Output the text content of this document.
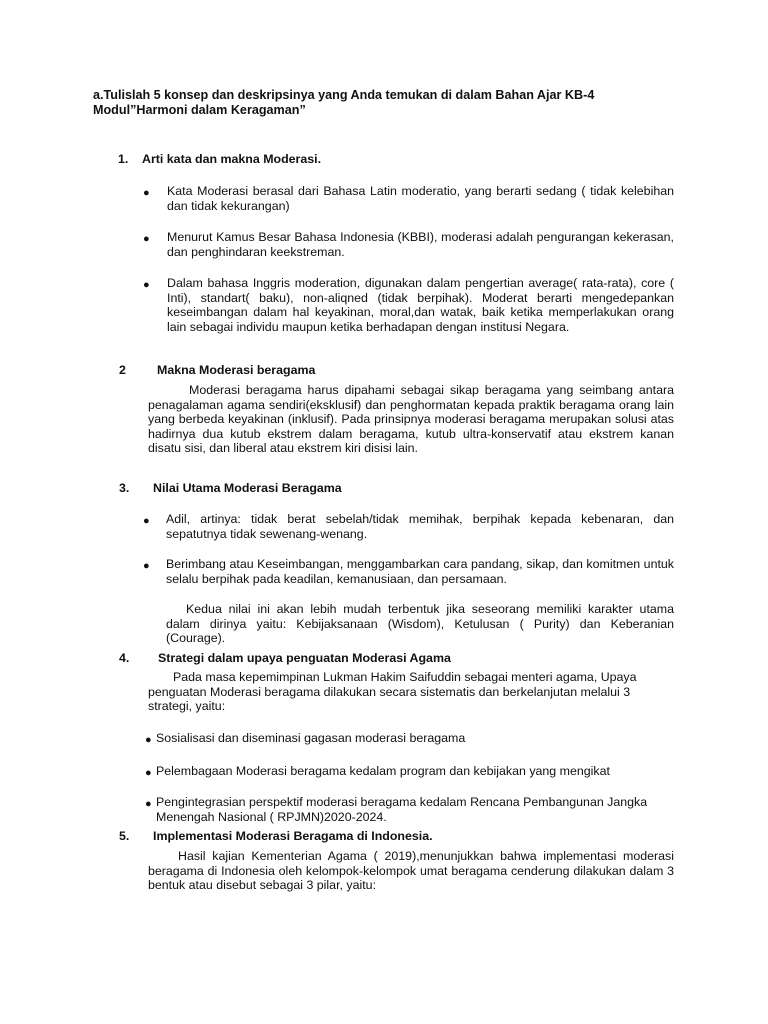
a.Tulislah 5 konsep dan deskripsinya yang Anda temukan di dalam Bahan Ajar KB-4
Modul”Harmoni dalam Keragaman”
1. Arti kata dan makna Moderasi.
● Kata Moderasi berasal dari Bahasa Latin moderatio, yang berarti sedang ( tidak kelebihan dan tidak kekurangan)

● Menurut Kamus Besar Bahasa Indonesia (KBBI), moderasi adalah pengurangan kekerasan, dan penghindaran keekstreman.

● Dalam bahasa Inggris moderation, digunakan dalam pengertian average( rata-rata), core ( Inti), standart( baku), non-aliqned (tidak berpihak). Moderat berarti mengedepankan keseimbangan dalam hal keyakinan, moral,dan watak, baik ketika memperlakukan orang lain sebagai individu maupun ketika berhadapan dengan institusi Negara.

2	Makna Moderasi beragama

Moderasi beragama harus dipahami sebagai sikap beragama yang seimbang antara penagalaman agama sendiri(eksklusif) dan penghormatan kepada praktik beragama orang lain yang berbeda keyakinan (inklusif). Pada prinsipnya moderasi beragama merupakan solusi atas hadirnya dua kutub ekstrem dalam beragama, kutub ultra-konservatif atau ekstrem kanan disatu sisi, dan liberal atau ekstrem kiri disisi lain.

3. Nilai Utama Moderasi Beragama
● Adil, artinya: tidak berat sebelah/tidak memihak, berpihak kepada kebenaran, dan sepatutnya tidak sewenang-wenang.

● Berimbang atau Keseimbangan, menggambarkan cara pandang, sikap, dan komitmen untuk selalu berpihak pada keadilan, kemanusiaan, dan persamaan.

Kedua nilai ini akan lebih mudah terbentuk jika seseorang memiliki karakter utama dalam dirinya yaitu: Kebijaksanaan (Wisdom), Ketulusan ( Purity) dan Keberanian (Courage).

4. Strategi dalam upaya penguatan Moderasi Agama

Pada masa kepemimpinan Lukman Hakim Saifuddin sebagai menteri agama, Upaya penguatan Moderasi beragama dilakukan secara sistematis dan berkelanjutan melalui 3 strategi, yaitu:

● Sosialisasi dan diseminasi gagasan moderasi beragama

● Pelembagaan Moderasi beragama kedalam program dan kebijakan yang mengikat

● Pengintegrasian perspektif moderasi beragama kedalam Rencana Pembangunan Jangka Menengah Nasional ( RPJMN)2020-2024.

5. Implementasi Moderasi Beragama di Indonesia.

Hasil kajian Kementerian Agama ( 2019),menunjukkan bahwa implementasi moderasi beragama di Indonesia oleh kelompok-kelompok umat beragama cenderung dilakukan dalam 3 bentuk atau disebut sebagai 3 pilar, yaitu:
